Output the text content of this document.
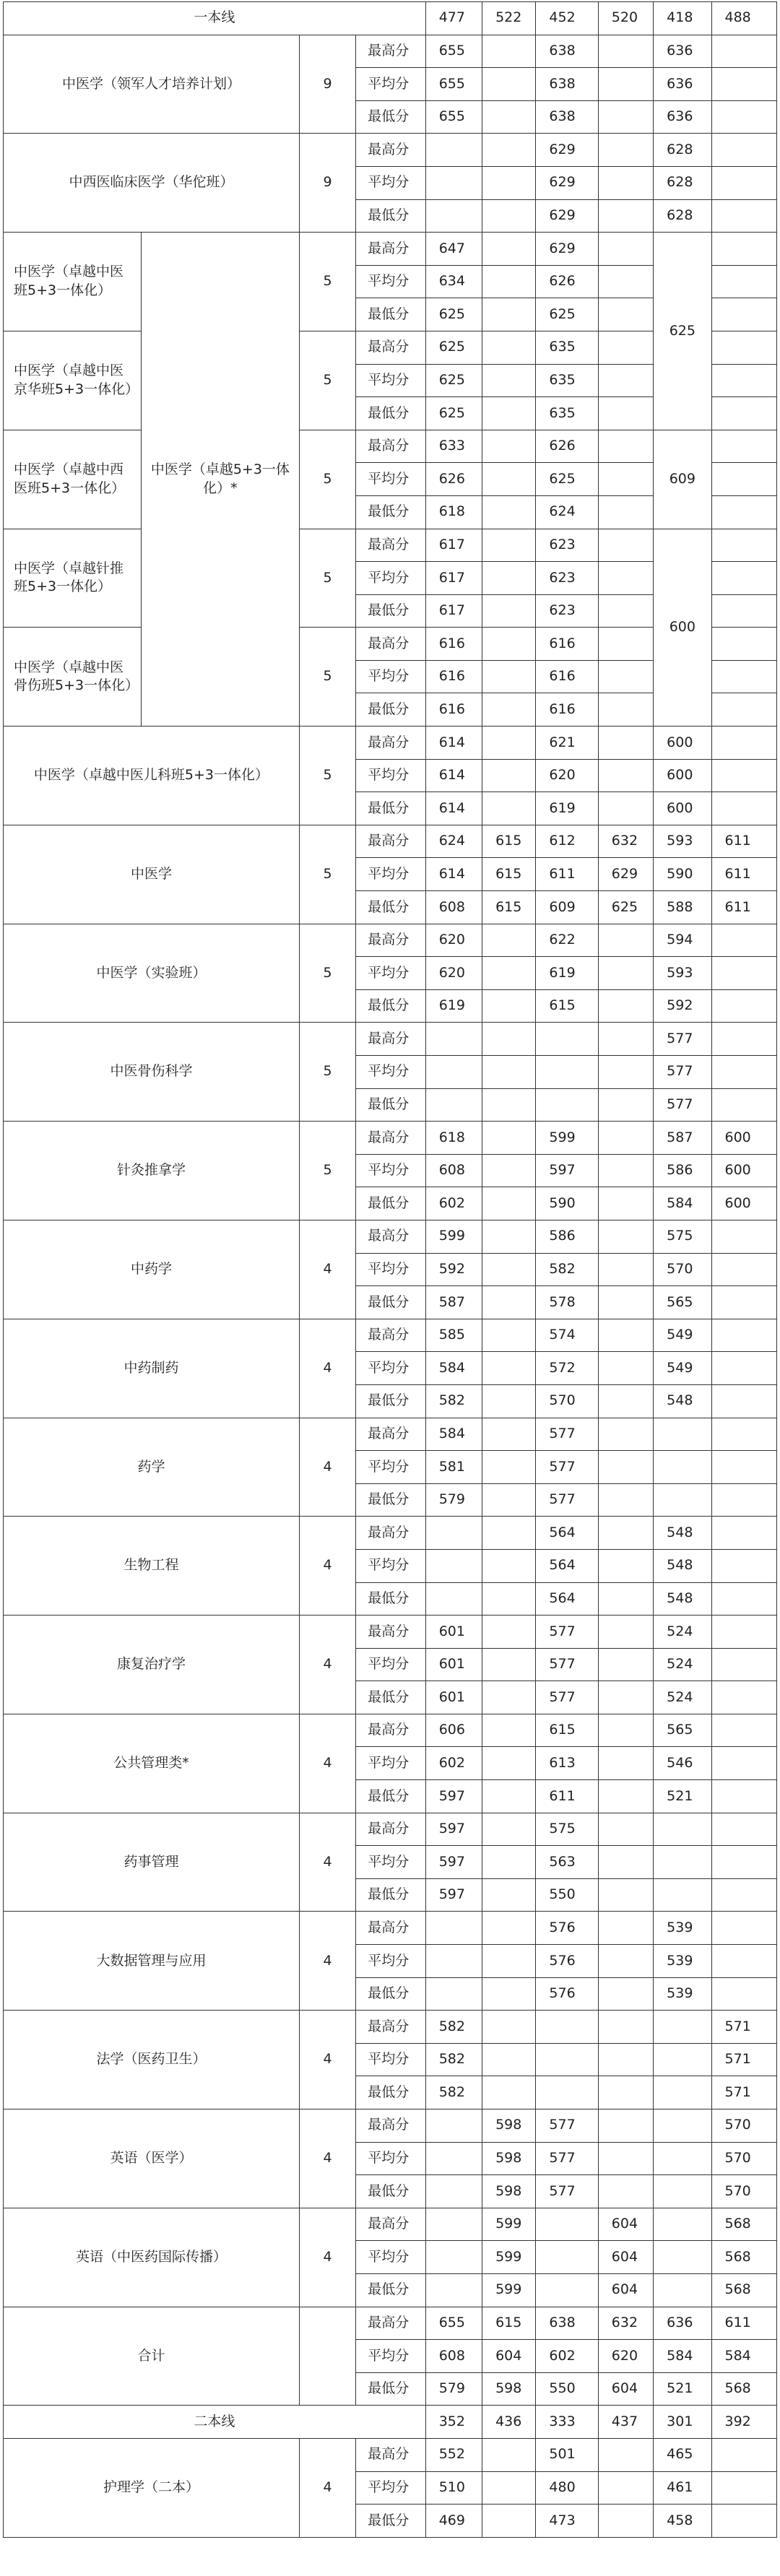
一本线				477	522	452	520	418	488
中医学（领军人才培养计划）		9	最高分	655		638		636	
			平均分	655		638		636	
			最低分	655		638		636	
中西医临床医学（华佗班）		9	最高分			629		628	
			平均分			629		628	
			最低分			629		628	
中医学（卓越中医班5+3一体化）	中医学（卓越5+3一体化）*	5	最高分	647		629		625	
			平均分	634		626			
			最低分	625		625			
中医学（卓越中医京华班5+3一体化）		5	最高分	625		635			
			平均分	625		635			
			最低分	625		635			
中医学（卓越中西医班5+3一体化）		5	最高分	633		626		609	
			平均分	626		625			
			最低分	618		624			
中医学（卓越针推班5+3一体化）		5	最高分	617		623		600	
			平均分	617		623			
			最低分	617		623			
中医学（卓越中医骨伤班5+3一体化）		5	最高分	616		616			
			平均分	616		616			
			最低分	616		616			
中医学（卓越中医儿科班5+3一体化）		5	最高分	614		621		600	
			平均分	614		620		600	
			最低分	614		619		600	
中医学		5	最高分	624	615	612	632	593	611
			平均分	614	615	611	629	590	611
			最低分	608	615	609	625	588	611
中医学（实验班）		5	最高分	620		622		594	
			平均分	620		619		593	
			最低分	619		615		592	
中医骨伤科学		5	最高分					577	
			平均分					577	
			最低分					577	
针灸推拿学		5	最高分	618		599		587	600
			平均分	608		597		586	600
			最低分	602		590		584	600
中药学		4	最高分	599		586		575	
			平均分	592		582		570	
			最低分	587		578		565	
中药制药		4	最高分	585		574		549	
			平均分	584		572		549	
			最低分	582		570		548	
药学		4	最高分	584		577			
			平均分	581		577			
			最低分	579		577			
生物工程		4	最高分			564		548	
			平均分			564		548	
			最低分			564		548	
康复治疗学		4	最高分	601		577		524	
			平均分	601		577		524	
			最低分	601		577		524	
公共管理类*		4	最高分	606		615		565	
			平均分	602		613		546	
			最低分	597		611		521	
药事管理		4	最高分	597		575			
			平均分	597		563			
			最低分	597		550			
大数据管理与应用		4	最高分			576		539	
			平均分			576		539	
			最低分			576		539	
法学（医药卫生）		4	最高分	582					571
			平均分	582					571
			最低分	582					571
英语（医学）		4	最高分		598	577			570
			平均分		598	577			570
			最低分		598	577			570
英语（中医药国际传播）		4	最高分		599		604		568
			平均分		599		604		568
			最低分		599		604		568
合计			最高分	655	615	638	632	636	611
			平均分	608	604	602	620	584	584
			最低分	579	598	550	604	521	568
二本线				352	436	333	437	301	392
护理学（二本）		4	最高分	552		501		465	
			平均分	510		480		461	
			最低分	469		473		458	
